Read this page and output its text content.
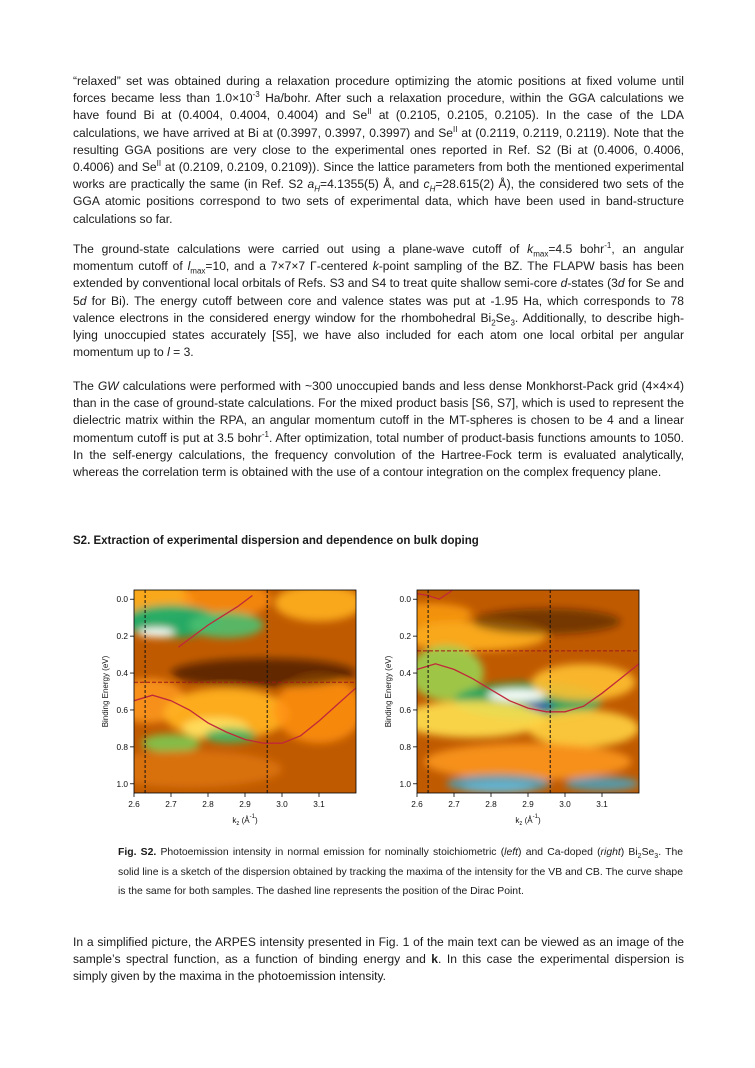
“relaxed” set was obtained during a relaxation procedure optimizing the atomic positions at fixed volume until forces became less than $1.0\times 10^{-3}$ Ha/bohr. After such a relaxation procedure, within the GGA calculations we have found Bi at (0.4004, 0.4004, 0.4004) and $Se^{II}$ at (0.2105, 0.2105, 0.2105). In the case of the LDA calculations, we have arrived at Bi at (0.3997, 0.3997, 0.3997) and $Se^{II}$ at (0.2119, 0.2119, 0.2119). Note that the resulting GGA positions are very close to the experimental ones reported in Ref. S2 (Bi at (0.4006, 0.4006, 0.4006) and $Se^{II}$ at (0.2109, 0.2109, 0.2109)). Since the lattice parameters from both the mentioned experimental works are practically the same (in Ref. S2 $a_H=4.1355(5)$ Å, and $c_H=28.615(2)$ Å), the considered two sets of the GGA atomic positions correspond to two sets of experimental data, which have been used in band-structure calculations so far.

The ground-state calculations were carried out using a plane-wave cutoff of $k_{max}=4.5$ bohr$^{-1}$, an angular momentum cutoff of $l_{max}=10$, and a 7×7×7 Γ-centered k-point sampling of the BZ. The FLAPW basis has been extended by conventional local orbitals of Refs. S3 and S4 to treat quite shallow semi-core d-states (3d for Se and 5d for Bi). The energy cutoff between core and valence states was put at -1.95 Ha, which corresponds to 78 valence electrons in the considered energy window for the rhombohedral $Bi_2Se_3$. Additionally, to describe high-lying unoccupied states accurately [S5], we have also included for each atom one local orbital per angular momentum up to l = 3.

The GW calculations were performed with ~300 unoccupied bands and less dense Monkhorst-Pack grid (4×4×4) than in the case of ground-state calculations. For the mixed product basis [S6, S7], which is used to represent the dielectric matrix within the RPA, an angular momentum cutoff in the MT-spheres is chosen to be 4 and a linear momentum cutoff is put at 3.5 bohr$^{-1}$. After optimization, total number of product-basis functions amounts to 1050. In the self-energy calculations, the frequency convolution of the Hartree-Fock term is evaluated analytically, whereas the correlation term is obtained with the use of a contour integration on the complex frequency plane.

S2. Extraction of experimental dispersion and dependence on bulk doping
0.0
0.2
0.4
0.6
0.8
1.0
2.6	2.7	2.8	2.9	3.0	3.1
Binding Energy (eV)
$k_z$ $(Å^{-1})$
0.0
0.2
0.4
0.6
0.8
1.0
2.6	2.7	2.8	2.9	3.0	3.1
Binding Energy (eV)
$k_z$ $(Å^{-1})$

Fig. S2. Photoemission intensity in normal emission for nominally stoichiometric (left) and Ca-doped (right) $Bi_2Se_3$. The solid line is a sketch of the dispersion obtained by tracking the maxima of the intensity for the VB and CB. The curve shape is the same for both samples. The dashed line represents the position of the Dirac Point.

In a simplified picture, the ARPES intensity presented in Fig. 1 of the main text can be viewed as an image of the sample’s spectral function, as a function of binding energy and k. In this case the experimental dispersion is simply given by the maxima in the photoemission intensity.
